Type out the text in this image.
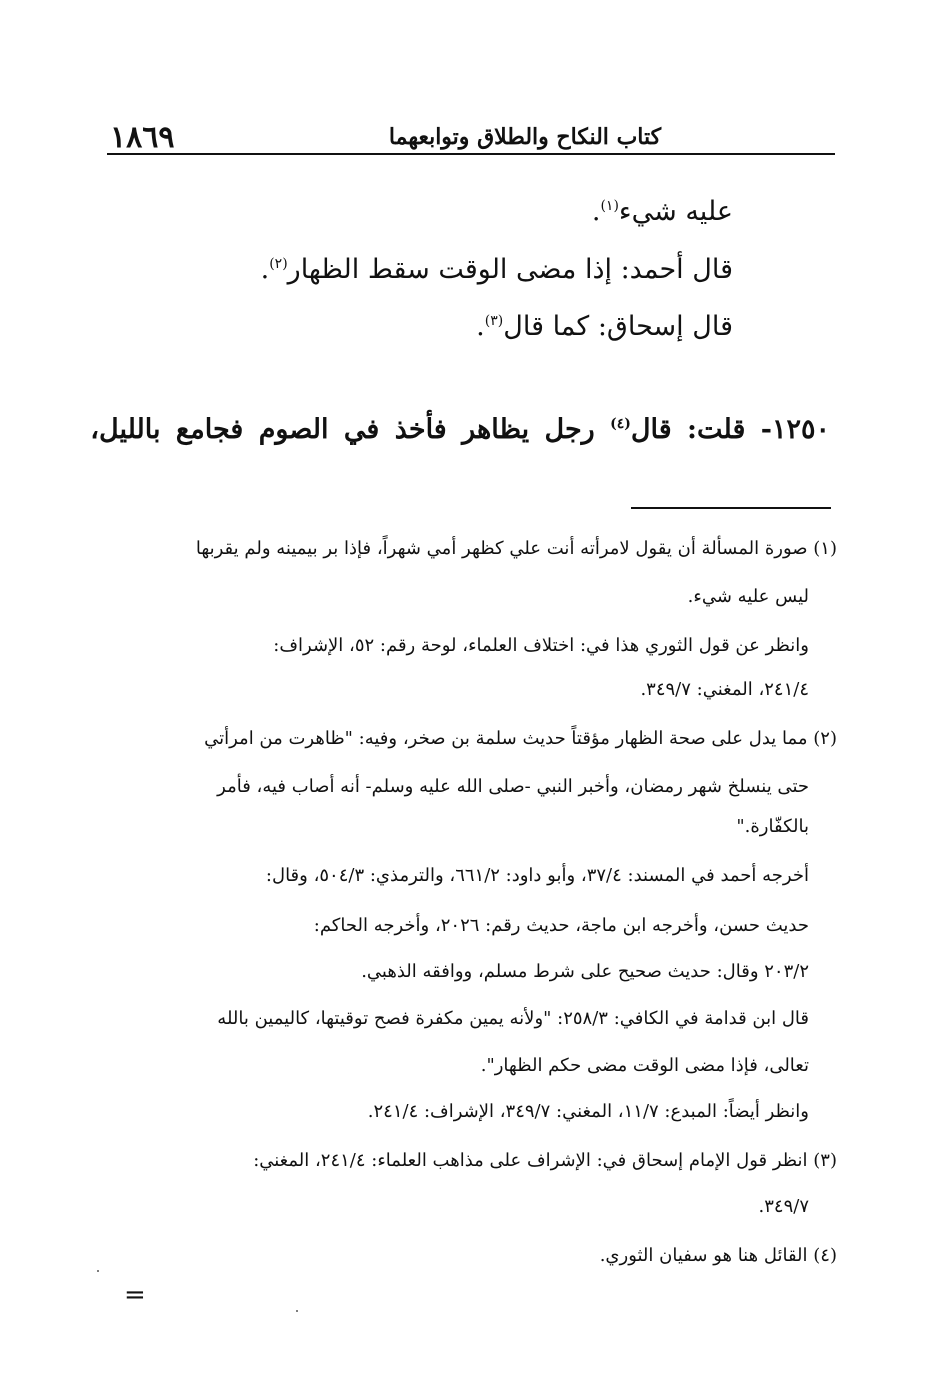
١٨٦٩	كتاب النكاح والطلاق وتوابعهما
عليه شيء$^{(١)}$.
قال أحمد: إذا مضى الوقت سقط الظهار$^{(٢)}$.
قال إسحاق: كما قال$^{(٣)}$.
١٢٥٠- قلت: قال$^{(٤)}$ رجل يظاهر فأخذ في الصوم فجامع بالليل،
(١) صورة المسألة أن يقول لامرأته أنت علي كظهر أمي شهراً، فإذا بر بيمينه ولم يقربها
ليس عليه شيء.
وانظر عن قول الثوري هذا في: اختلاف العلماء، لوحة رقم: ٥٢، الإشراف:
٢٤١/٤، المغني: ٣٤٩/٧.
(٢) مما يدل على صحة الظهار مؤقتاً حديث سلمة بن صخر، وفيه: "ظاهرت من امرأتي
حتى ينسلخ شهر رمضان، وأخبر النبي -صلى الله عليه وسلم- أنه أصاب فيه، فأمر
بالكفّارة."
أخرجه أحمد في المسند: ٣٧/٤، وأبو داود: ٦٦١/٢، والترمذي: ٥٠٤/٣، وقال:
حديث حسن، وأخرجه ابن ماجة، حديث رقم: ٢٠٢٦، وأخرجه الحاكم:
٢٠٣/٢ وقال: حديث صحيح على شرط مسلم، ووافقه الذهبي.
قال ابن قدامة في الكافي: ٢٥٨/٣: "ولأنه يمين مكفرة فصح توقيتها، كاليمين بالله
تعالى، فإذا مضى الوقت مضى حكم الظهار".
وانظر أيضاً: المبدع: ١١/٧، المغني: ٣٤٩/٧، الإشراف: ٢٤١/٤.
(٣) انظر قول الإمام إسحاق في: الإشراف على مذاهب العلماء: ٢٤١/٤، المغني:
٣٤٩/٧.
(٤) القائل هنا هو سفيان الثوري.
=
